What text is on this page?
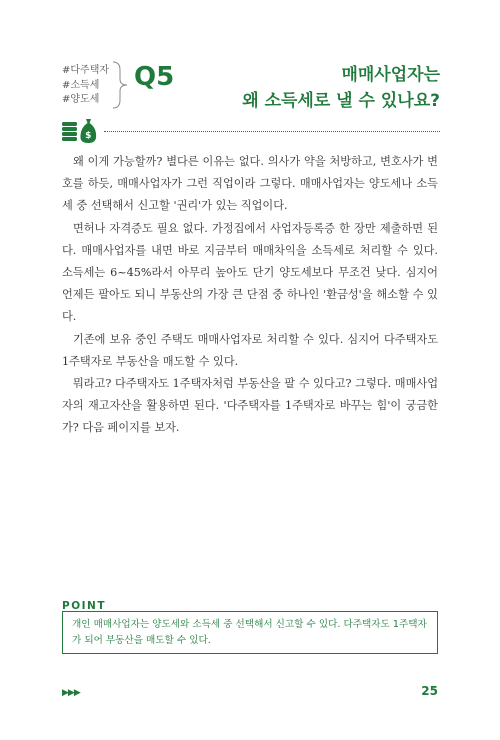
#다주택자
#소득세
#양도세
Q5	매매사업자는
왜 소득세로 낼 수 있나요?
$

왜 이게 가능할까? 별다른 이유는 없다. 의사가 약을 처방하고, 변호사가 변호를 하듯, 매매사업자가 그런 직업이라 그렇다. 매매사업자는 양도세나 소득세 중 선택해서 신고할 '권리'가 있는 직업이다.

면허나 자격증도 필요 없다. 가정집에서 사업자등록증 한 장만 제출하면 된다. 매매사업자를 내면 바로 지금부터 매매차익을 소득세로 처리할 수 있다. 소득세는 6~45%라서 아무리 높아도 단기 양도세보다 무조건 낮다. 심지어 언제든 팔아도 되니 부동산의 가장 큰 단점 중 하나인 '환금성'을 해소할 수 있다.

기존에 보유 중인 주택도 매매사업자로 처리할 수 있다. 심지어 다주택자도 1주택자로 부동산을 매도할 수 있다.

뭐라고? 다주택자도 1주택자처럼 부동산을 팔 수 있다고? 그렇다. 매매사업자의 재고자산을 활용하면 된다. '다주택자를 1주택자로 바꾸는 힘'이 궁금한가? 다음 페이지를 보자.

POINT
개인 매매사업자는 양도세와 소득세 중 선택해서 신고할 수 있다. 다주택자도 1주택자가 되어 부동산을 매도할 수 있다.
▶▶▶	25
